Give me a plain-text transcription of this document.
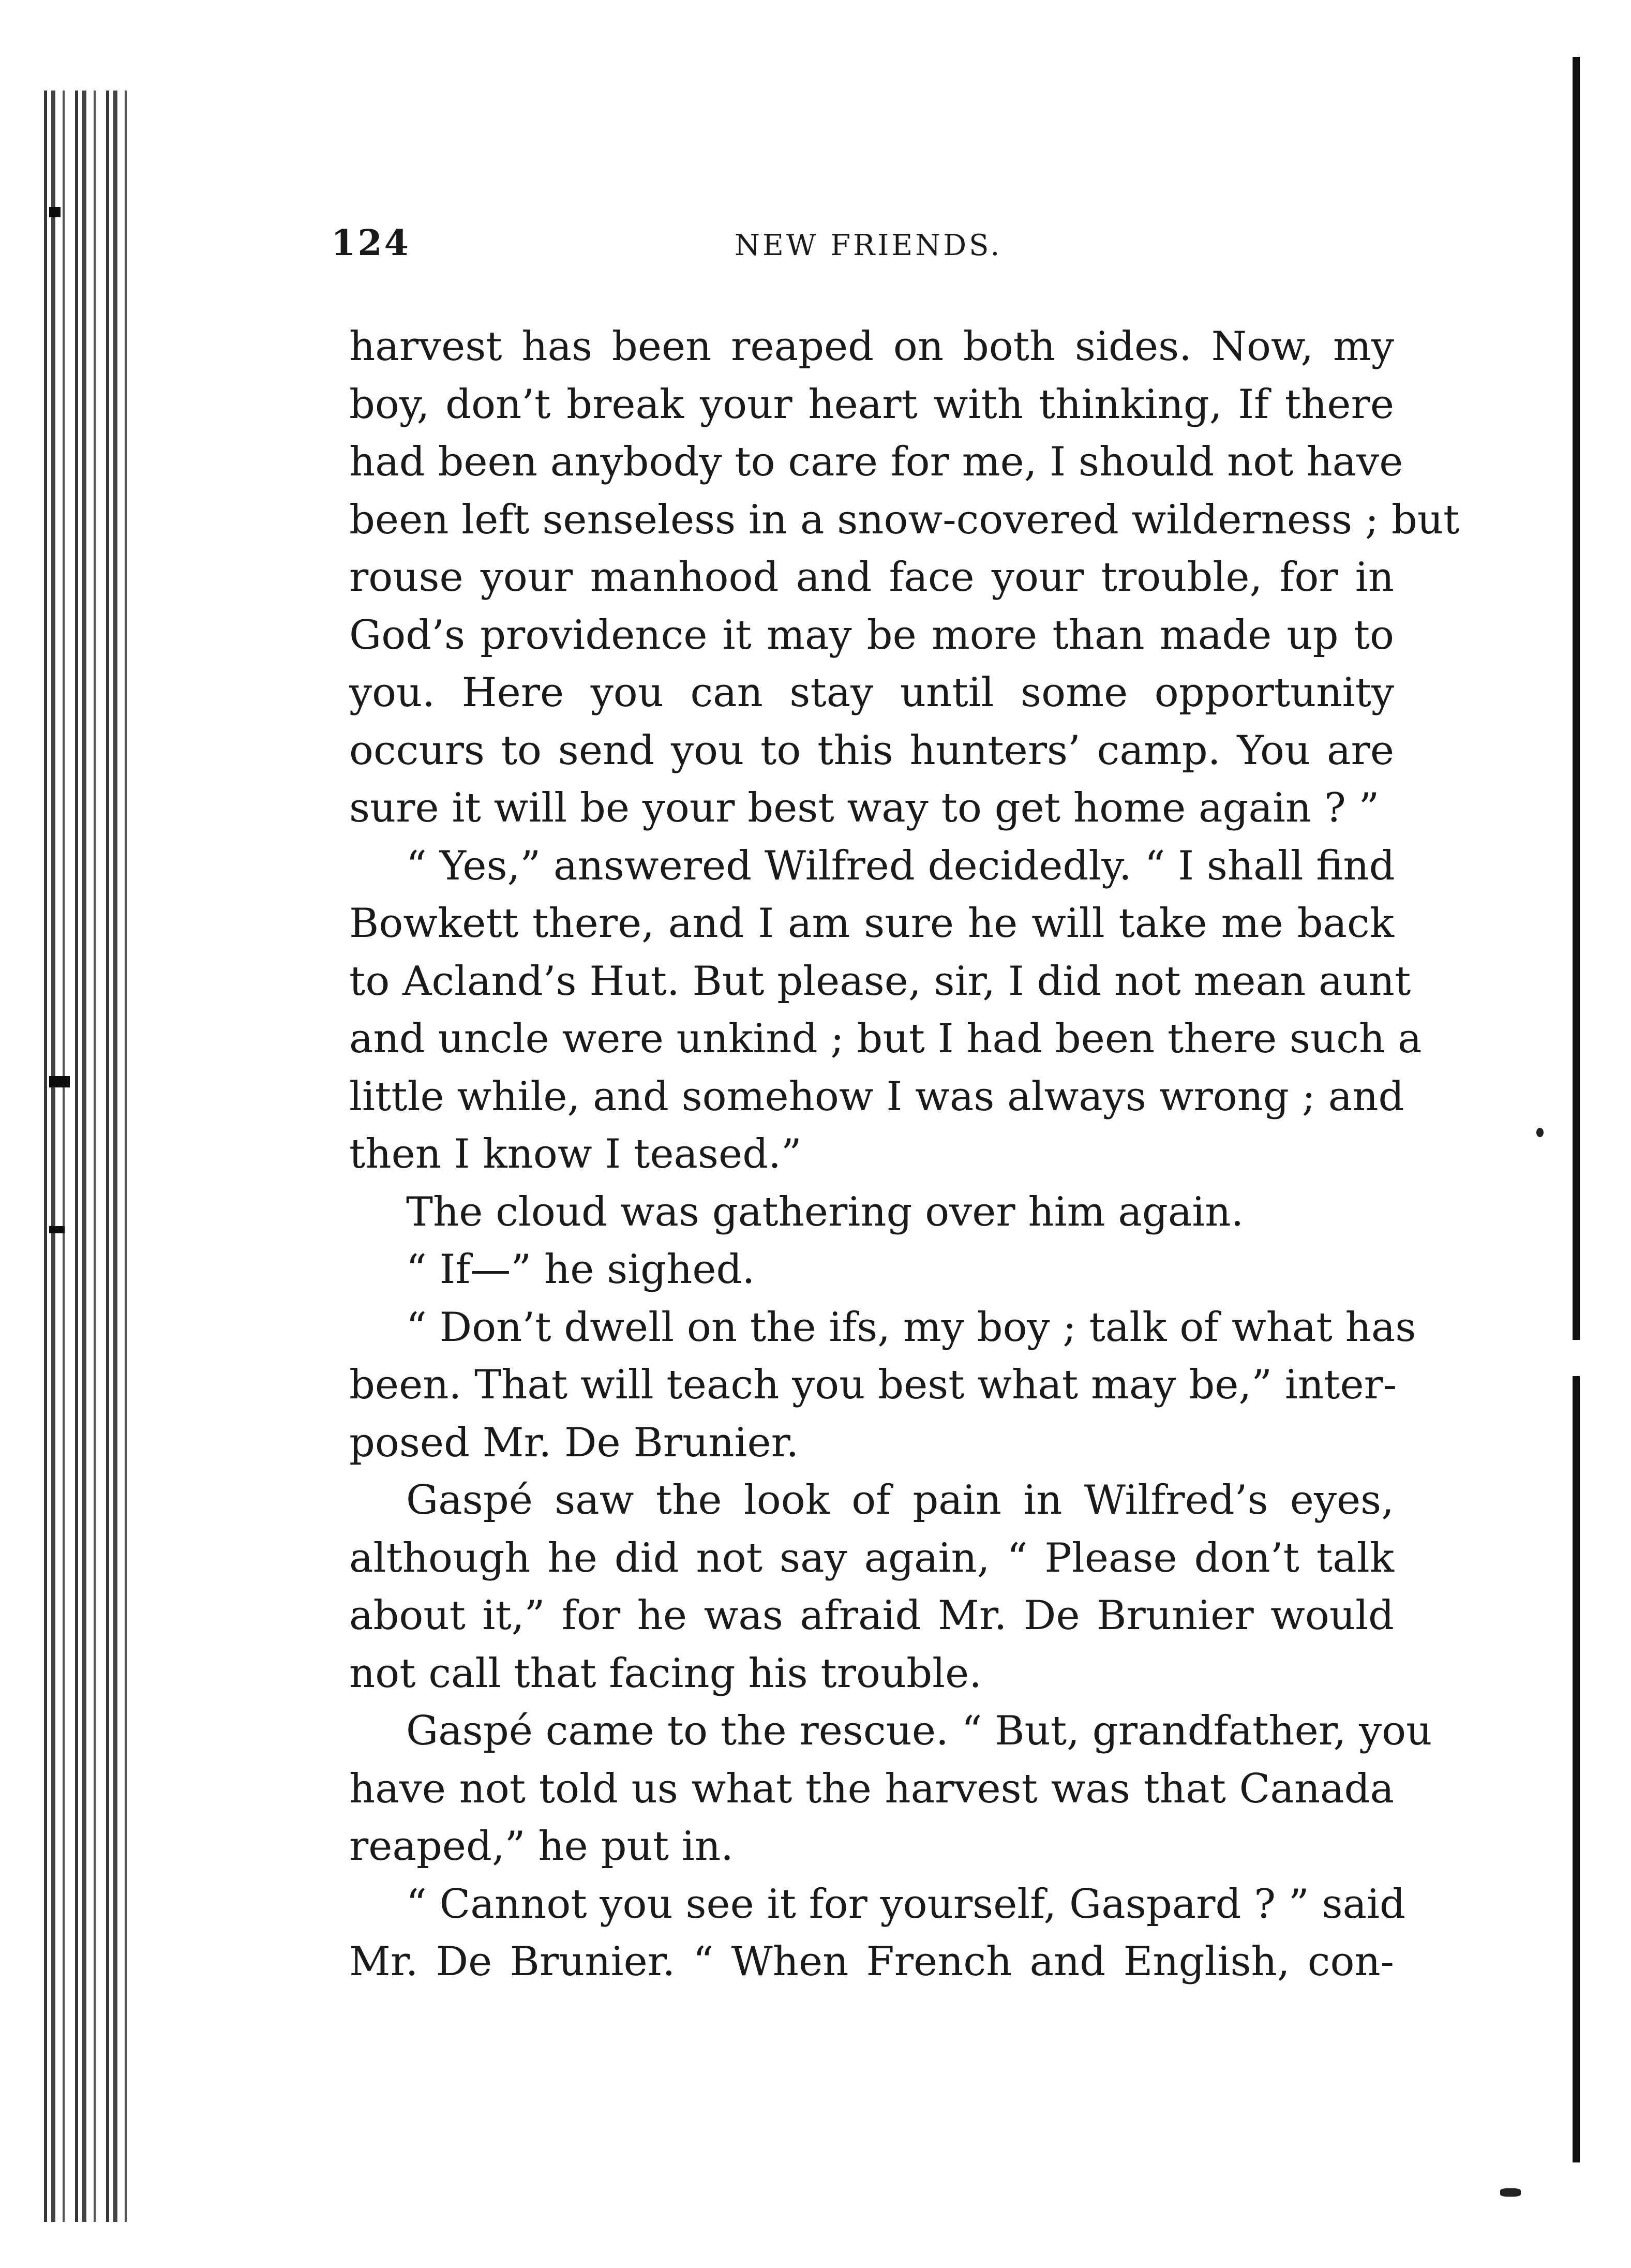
124	NEW FRIENDS.
harvest has been reaped on both sides. Now, my
boy, don’t break your heart with thinking, If there
had been anybody to care for me, I should not have
been left senseless in a snow-covered wilderness ; but
rouse your manhood and face your trouble, for in
God’s providence it may be more than made up to
you. Here you can stay until some opportunity
occurs to send you to this hunters’ camp. You are
sure it will be your best way to get home again ? ”
“ Yes,” answered Wilfred decidedly. “ I shall find
Bowkett there, and I am sure he will take me back
to Acland’s Hut. But please, sir, I did not mean aunt
and uncle were unkind ; but I had been there such a
little while, and somehow I was always wrong ; and
then I know I teased.”
The cloud was gathering over him again.
“ If—” he sighed.
“ Don’t dwell on the ifs, my boy ; talk of what has
been. That will teach you best what may be,” inter-
posed Mr. De Brunier.
Gaspé saw the look of pain in Wilfred’s eyes,
although he did not say again, “ Please don’t talk
about it,” for he was afraid Mr. De Brunier would
not call that facing his trouble.
Gaspé came to the rescue. “ But, grandfather, you
have not told us what the harvest was that Canada
reaped,” he put in.
“ Cannot you see it for yourself, Gaspard ? ” said
Mr. De Brunier. “ When French and English, con-
